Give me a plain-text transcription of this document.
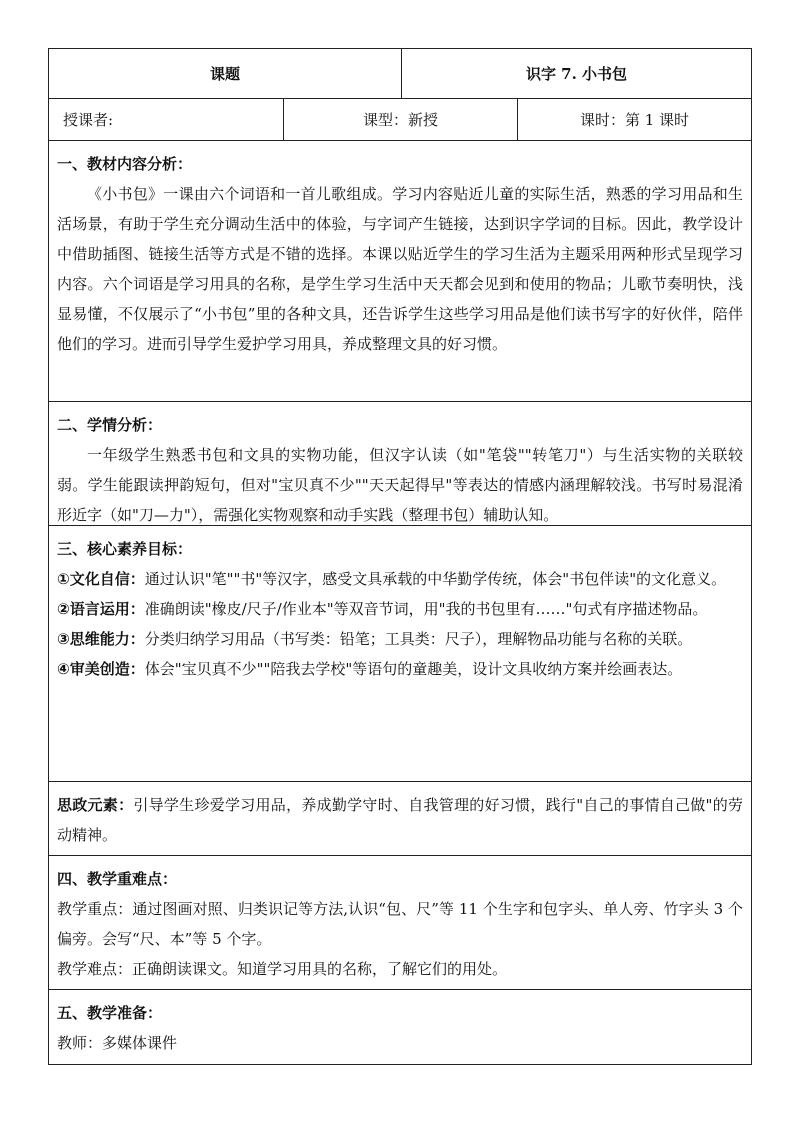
课题	识字 7. 小书包
授课者:	课型：新授	课时：第 1 课时
一、教材内容分析：

《小书包》一课由六个词语和一首儿歌组成。学习内容贴近儿童的实际生活，熟悉的学习用品和生活场景，有助于学生充分调动生活中的体验，与字词产生链接，达到识字学词的目标。因此，教学设计中借助插图、链接生活等方式是不错的选择。本课以贴近学生的学习生活为主题采用两种形式呈现学习内容。六个词语是学习用具的名称，是学生学习生活中天天都会见到和使用的物品；儿歌节奏明快，浅显易懂，不仅展示了“小书包”里的各种文具，还告诉学生这些学习用品是他们读书写字的好伙伴，陪伴他们的学习。进而引导学生爱护学习用具，养成整理文具的好习惯。

二、学情分析：

一年级学生熟悉书包和文具的实物功能，但汉字认读（如"笔袋""转笔刀"）与生活实物的关联较弱。学生能跟读押韵短句，但对"宝贝真不少""天天起得早"等表达的情感内涵理解较浅。书写时易混淆形近字（如"刀—力"），需强化实物观察和动手实践（整理书包）辅助认知。

三、核心素养目标：

①文化自信：通过认识"笔""书"等汉字，感受文具承载的中华勤学传统，体会"书包伴读"的文化意义。

②语言运用：准确朗读"橡皮/尺子/作业本"等双音节词，用"我的书包里有……"句式有序描述物品。

③思维能力：分类归纳学习用品（书写类：铅笔；工具类：尺子），理解物品功能与名称的关联。

④审美创造：体会"宝贝真不少""陪我去学校"等语句的童趣美，设计文具收纳方案并绘画表达。

思政元素：引导学生珍爱学习用品，养成勤学守时、自我管理的好习惯，践行"自己的事情自己做"的劳动精神。

四、教学重难点：

教学重点：通过图画对照、归类识记等方法,认识“包、尺”等 11 个生字和包字头、单人旁、竹字头 3 个偏旁。会写“尺、本”等 5 个字。

教学难点：正确朗读课文。知道学习用具的名称，了解它们的用处。

五、教学准备：

教师：多媒体课件
